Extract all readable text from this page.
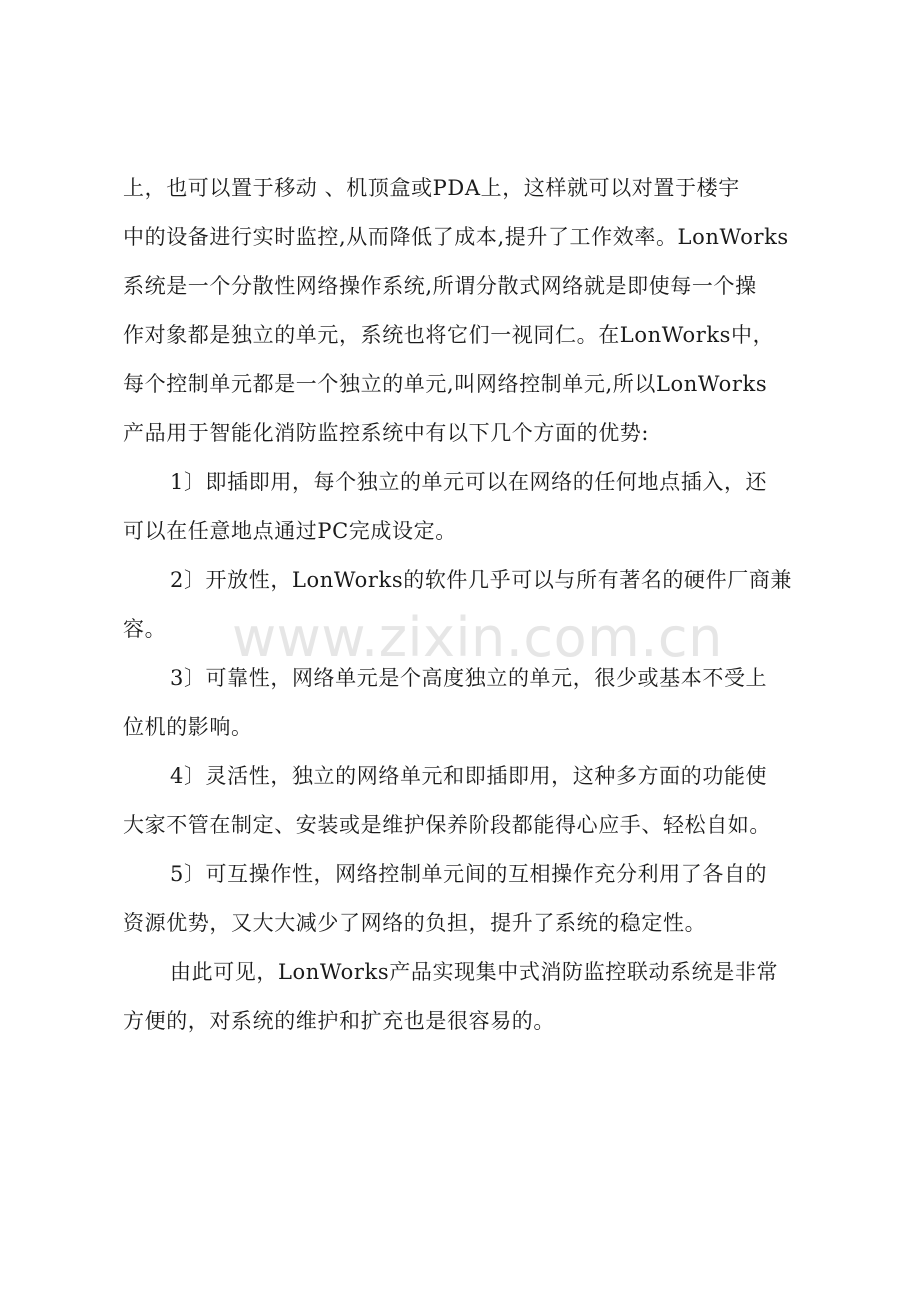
上，也可以置于移动 、机顶盒或PDA上，这样就可以对置于楼宇
中的设备进行实时监控,从而降低了成本,提升了工作效率。LonWorks
系统是一个分散性网络操作系统,所谓分散式网络就是即使每一个操
作对象都是独立的单元，系统也将它们一视同仁。在LonWorks中，
每个控制单元都是一个独立的单元,叫网络控制单元,所以LonWorks
产品用于智能化消防监控系统中有以下几个方面的优势:
1〕即插即用，每个独立的单元可以在网络的任何地点插入，还
可以在任意地点通过PC完成设定。
2〕开放性，LonWorks的软件几乎可以与所有著名的硬件厂商兼
容。
3〕可靠性，网络单元是个高度独立的单元，很少或基本不受上
位机的影响。
4〕灵活性，独立的网络单元和即插即用，这种多方面的功能使
大家不管在制定、安装或是维护保养阶段都能得心应手、轻松自如。
5〕可互操作性，网络控制单元间的互相操作充分利用了各自的
资源优势，又大大减少了网络的负担，提升了系统的稳定性。
由此可见，LonWorks产品实现集中式消防监控联动系统是非常
方便的，对系统的维护和扩充也是很容易的。
www.zixin.com.cn
